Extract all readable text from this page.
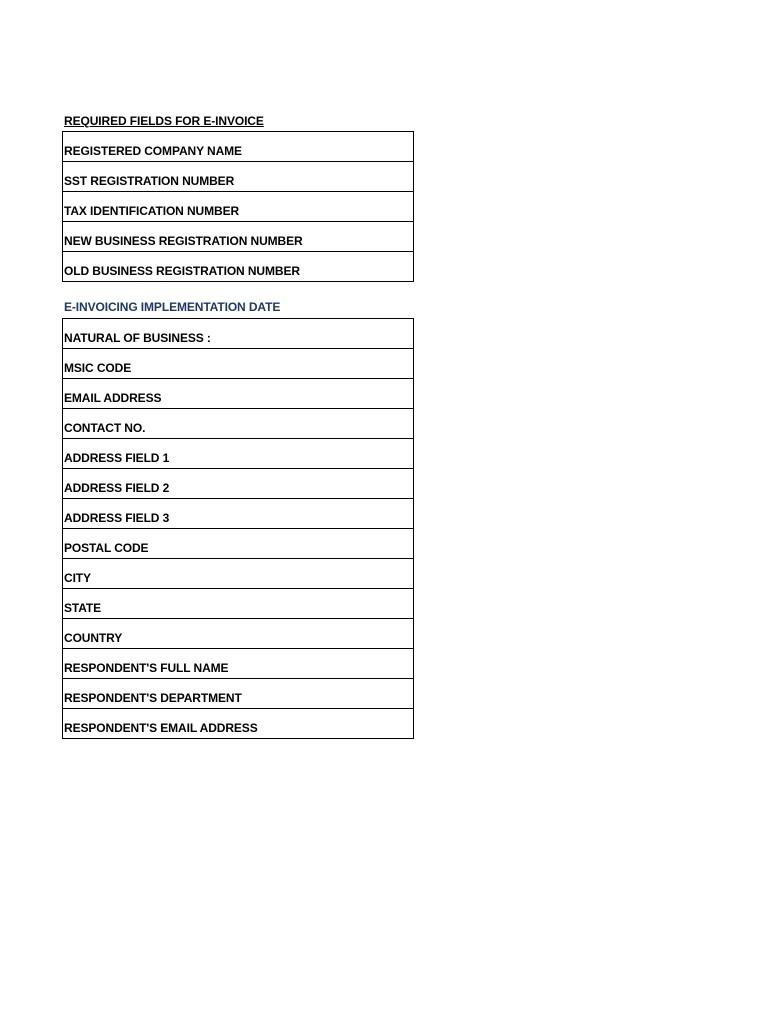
REQUIRED FIELDS FOR E-INVOICE
REGISTERED COMPANY NAME
SST REGISTRATION NUMBER
TAX IDENTIFICATION NUMBER
NEW BUSINESS REGISTRATION NUMBER
OLD BUSINESS REGISTRATION NUMBER
E-INVOICING IMPLEMENTATION DATE
NATURAL OF BUSINESS :
MSIC CODE
EMAIL ADDRESS
CONTACT NO.
ADDRESS FIELD 1
ADDRESS FIELD 2
ADDRESS FIELD 3
POSTAL CODE
CITY
STATE
COUNTRY
RESPONDENT'S FULL NAME
RESPONDENT'S DEPARTMENT
RESPONDENT'S EMAIL ADDRESS
